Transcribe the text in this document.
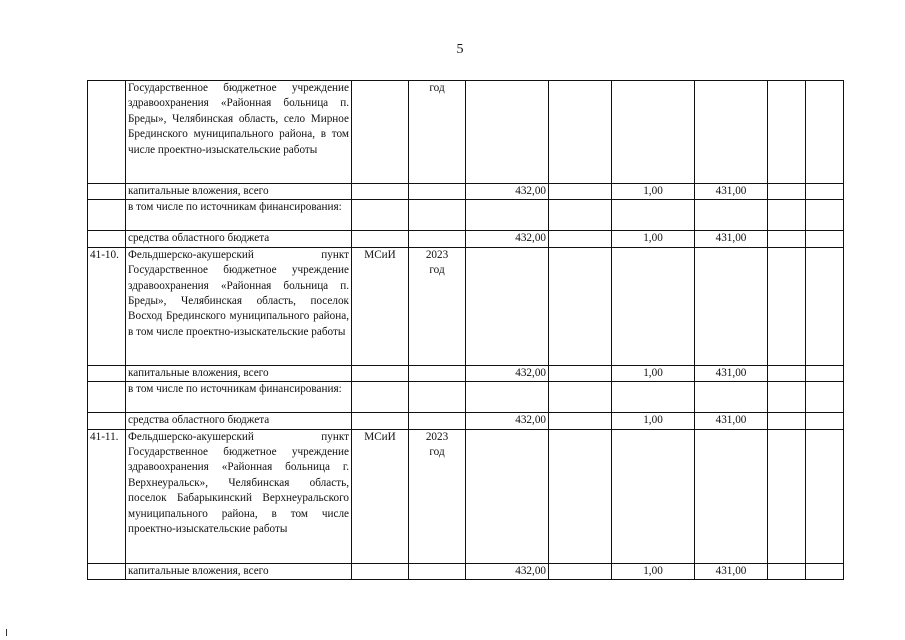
5
	Государственное бюджетное учреждение здравоохранения «Районная больница п. Бреды», Челябинская область, село Мирное Брединского муниципального района, в том числе проектно-изыскательские работы		год						
	капитальные вложения, всего			432,00		1,00	431,00		
	в том числе по источникам финансирования:								
	средства областного бюджета			432,00		1,00	431,00		
41-10.	Фельдшерско-акушерский пункт Государственное бюджетное учреждение здравоохранения «Районная больница п. Бреды», Челябинская область, поселок Восход Брединского муниципального района, в том числе проектно-изыскательские работы	МСиИ	2023
год						
	капитальные вложения, всего			432,00		1,00	431,00		
	в том числе по источникам финансирования:								
	средства областного бюджета			432,00		1,00	431,00		
41-11.	Фельдшерско-акушерский пункт Государственное бюджетное учреждение здравоохранения «Районная больница г. Верхнеуральск», Челябинская область, поселок Бабарыкинский Верхнеуральского муниципального района, в том числе проектно-изыскательские работы	МСиИ	2023
год						
	капитальные вложения, всего			432,00		1,00	431,00		
